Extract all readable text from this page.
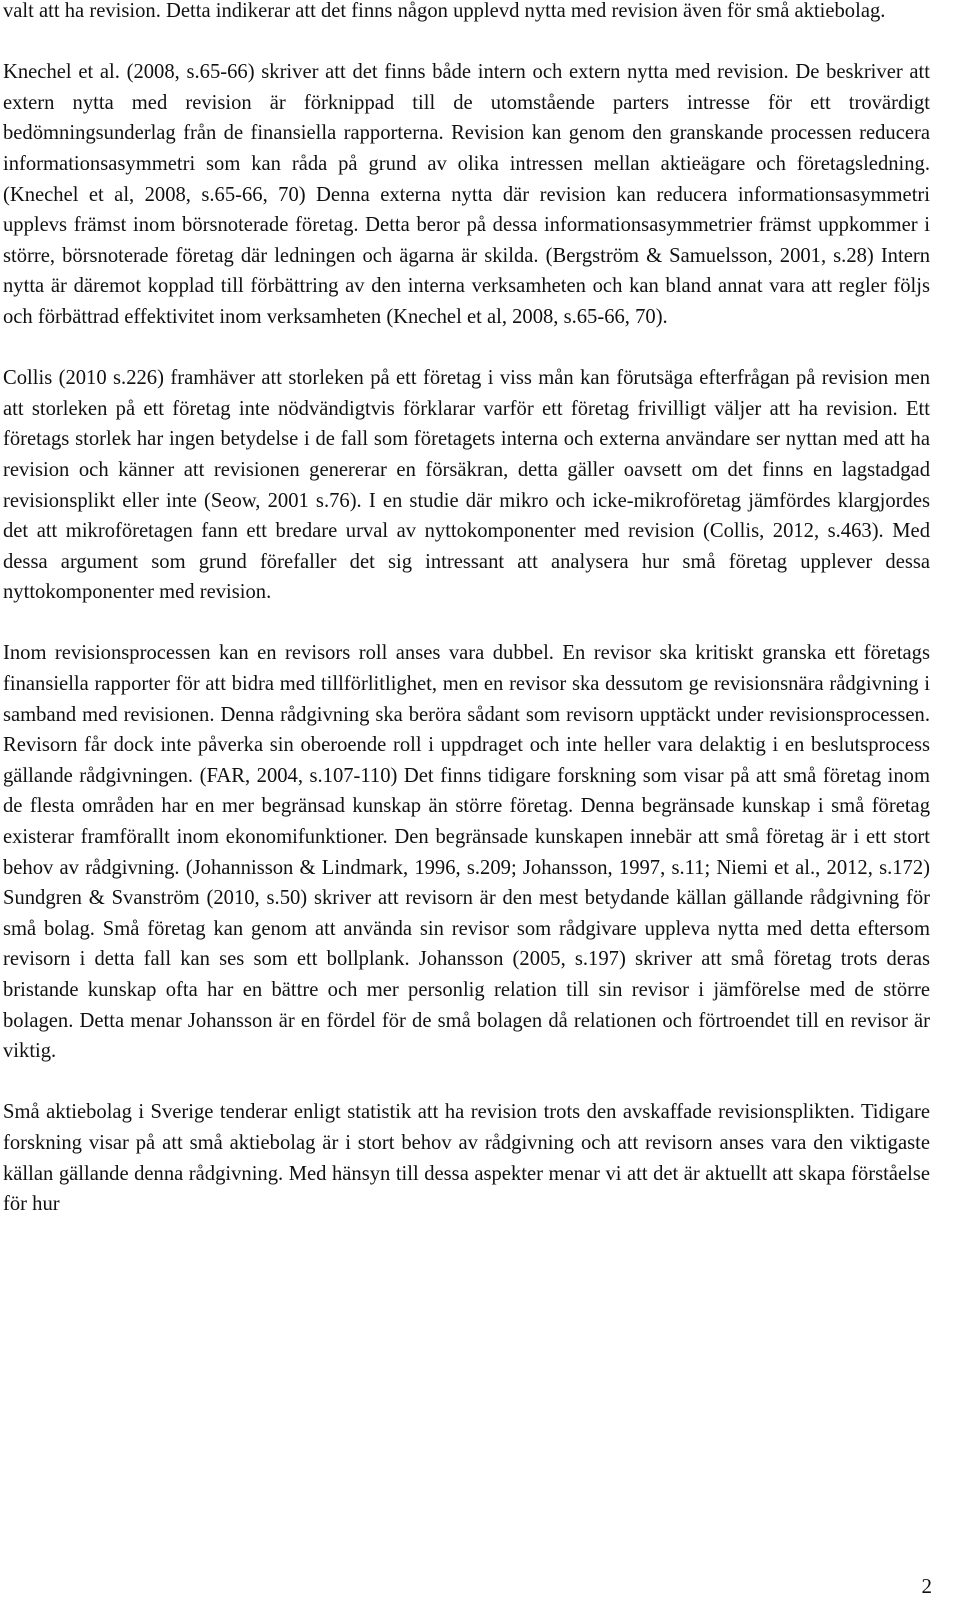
valt att ha revision. Detta indikerar att det finns någon upplevd nytta med revision även för små aktiebolag.

Knechel et al. (2008, s.65-66) skriver att det finns både intern och extern nytta med revision. De beskriver att extern nytta med revision är förknippad till de utomstående parters intresse för ett trovärdigt bedömningsunderlag från de finansiella rapporterna. Revision kan genom den granskande processen reducera informationsasymmetri som kan råda på grund av olika intressen mellan aktieägare och företagsledning. (Knechel et al, 2008, s.65-66, 70) Denna externa nytta där revision kan reducera informationsasymmetri upplevs främst inom börsnoterade företag. Detta beror på dessa informationsasymmetrier främst uppkommer i större, börsnoterade företag där ledningen och ägarna är skilda. (Bergström & Samuelsson, 2001, s.28) Intern nytta är däremot kopplad till förbättring av den interna verksamheten och kan bland annat vara att regler följs och förbättrad effektivitet inom verksamheten (Knechel et al, 2008, s.65-66, 70).

Collis (2010 s.226) framhäver att storleken på ett företag i viss mån kan förutsäga efterfrågan på revision men att storleken på ett företag inte nödvändigtvis förklarar varför ett företag frivilligt väljer att ha revision. Ett företags storlek har ingen betydelse i de fall som företagets interna och externa användare ser nyttan med att ha revision och känner att revisionen genererar en försäkran, detta gäller oavsett om det finns en lagstadgad revisionsplikt eller inte (Seow, 2001 s.76). I en studie där mikro och icke-mikroföretag jämfördes klargjordes det att mikroföretagen fann ett bredare urval av nyttokomponenter med revision (Collis, 2012, s.463). Med dessa argument som grund förefaller det sig intressant att analysera hur små företag upplever dessa nyttokomponenter med revision.

Inom revisionsprocessen kan en revisors roll anses vara dubbel. En revisor ska kritiskt granska ett företags finansiella rapporter för att bidra med tillförlitlighet, men en revisor ska dessutom ge revisionsnära rådgivning i samband med revisionen. Denna rådgivning ska beröra sådant som revisorn upptäckt under revisionsprocessen. Revisorn får dock inte påverka sin oberoende roll i uppdraget och inte heller vara delaktig i en beslutsprocess gällande rådgivningen. (FAR, 2004, s.107-110) Det finns tidigare forskning som visar på att små företag inom de flesta områden har en mer begränsad kunskap än större företag. Denna begränsade kunskap i små företag existerar framförallt inom ekonomifunktioner. Den begränsade kunskapen innebär att små företag är i ett stort behov av rådgivning. (Johannisson & Lindmark, 1996, s.209; Johansson, 1997, s.11; Niemi et al., 2012, s.172) Sundgren & Svanström (2010, s.50) skriver att revisorn är den mest betydande källan gällande rådgivning för små bolag. Små företag kan genom att använda sin revisor som rådgivare uppleva nytta med detta eftersom revisorn i detta fall kan ses som ett bollplank. Johansson (2005, s.197) skriver att små företag trots deras bristande kunskap ofta har en bättre och mer personlig relation till sin revisor i jämförelse med de större bolagen. Detta menar Johansson är en fördel för de små bolagen då relationen och förtroendet till en revisor är viktig.

Små aktiebolag i Sverige tenderar enligt statistik att ha revision trots den avskaffade revisionsplikten. Tidigare forskning visar på att små aktiebolag är i stort behov av rådgivning och att revisorn anses vara den viktigaste källan gällande denna rådgivning. Med hänsyn till dessa aspekter menar vi att det är aktuellt att skapa förståelse för hur

2
